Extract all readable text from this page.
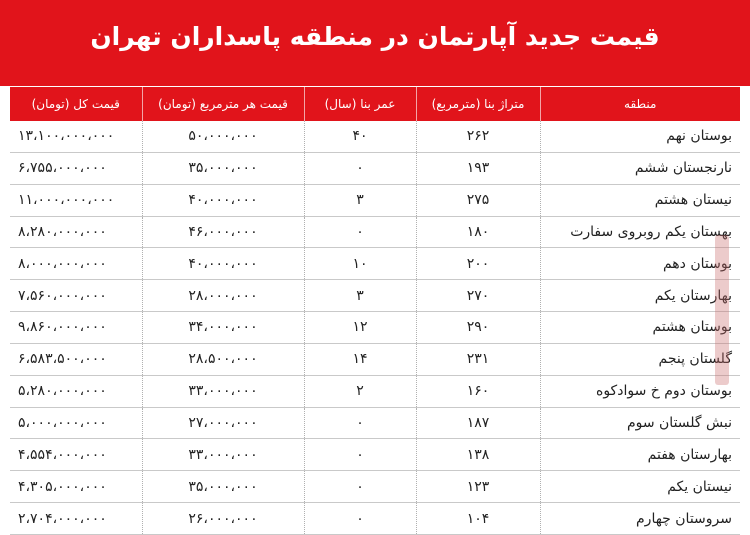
قیمت جدید آپارتمان در منطقه پاسداران تهران
منطقه	متراژ بنا (مترمربع)	عمر بنا (سال)	قیمت هر مترمربع (تومان)	قیمت کل (تومان)
بوستان نهم	۲۶۲	۴۰	۵۰،۰۰۰،۰۰۰	۱۳،۱۰۰،۰۰۰،۰۰۰
نارنجستان ششم	۱۹۳	۰	۳۵،۰۰۰،۰۰۰	۶،۷۵۵،۰۰۰،۰۰۰
نیستان هشتم	۲۷۵	۳	۴۰،۰۰۰،۰۰۰	۱۱،۰۰۰،۰۰۰،۰۰۰
بهستان یکم روبروی سفارت	۱۸۰	۰	۴۶،۰۰۰،۰۰۰	۸،۲۸۰،۰۰۰،۰۰۰
بوستان دهم	۲۰۰	۱۰	۴۰،۰۰۰،۰۰۰	۸،۰۰۰،۰۰۰،۰۰۰
بهارستان یکم	۲۷۰	۳	۲۸،۰۰۰،۰۰۰	۷،۵۶۰،۰۰۰،۰۰۰
بوستان هشتم	۲۹۰	۱۲	۳۴،۰۰۰،۰۰۰	۹،۸۶۰،۰۰۰،۰۰۰
گلستان پنجم	۲۳۱	۱۴	۲۸،۵۰۰،۰۰۰	۶،۵۸۳،۵۰۰،۰۰۰
بوستان دوم خ سوادکوه	۱۶۰	۲	۳۳،۰۰۰،۰۰۰	۵،۲۸۰،۰۰۰،۰۰۰
نبش گلستان سوم	۱۸۷	۰	۲۷،۰۰۰،۰۰۰	۵،۰۰۰،۰۰۰،۰۰۰
بهارستان هفتم	۱۳۸	۰	۳۳،۰۰۰،۰۰۰	۴،۵۵۴،۰۰۰،۰۰۰
نیستان یکم	۱۲۳	۰	۳۵،۰۰۰،۰۰۰	۴،۳۰۵،۰۰۰،۰۰۰
سروستان چهارم	۱۰۴	۰	۲۶،۰۰۰،۰۰۰	۲،۷۰۴،۰۰۰،۰۰۰
